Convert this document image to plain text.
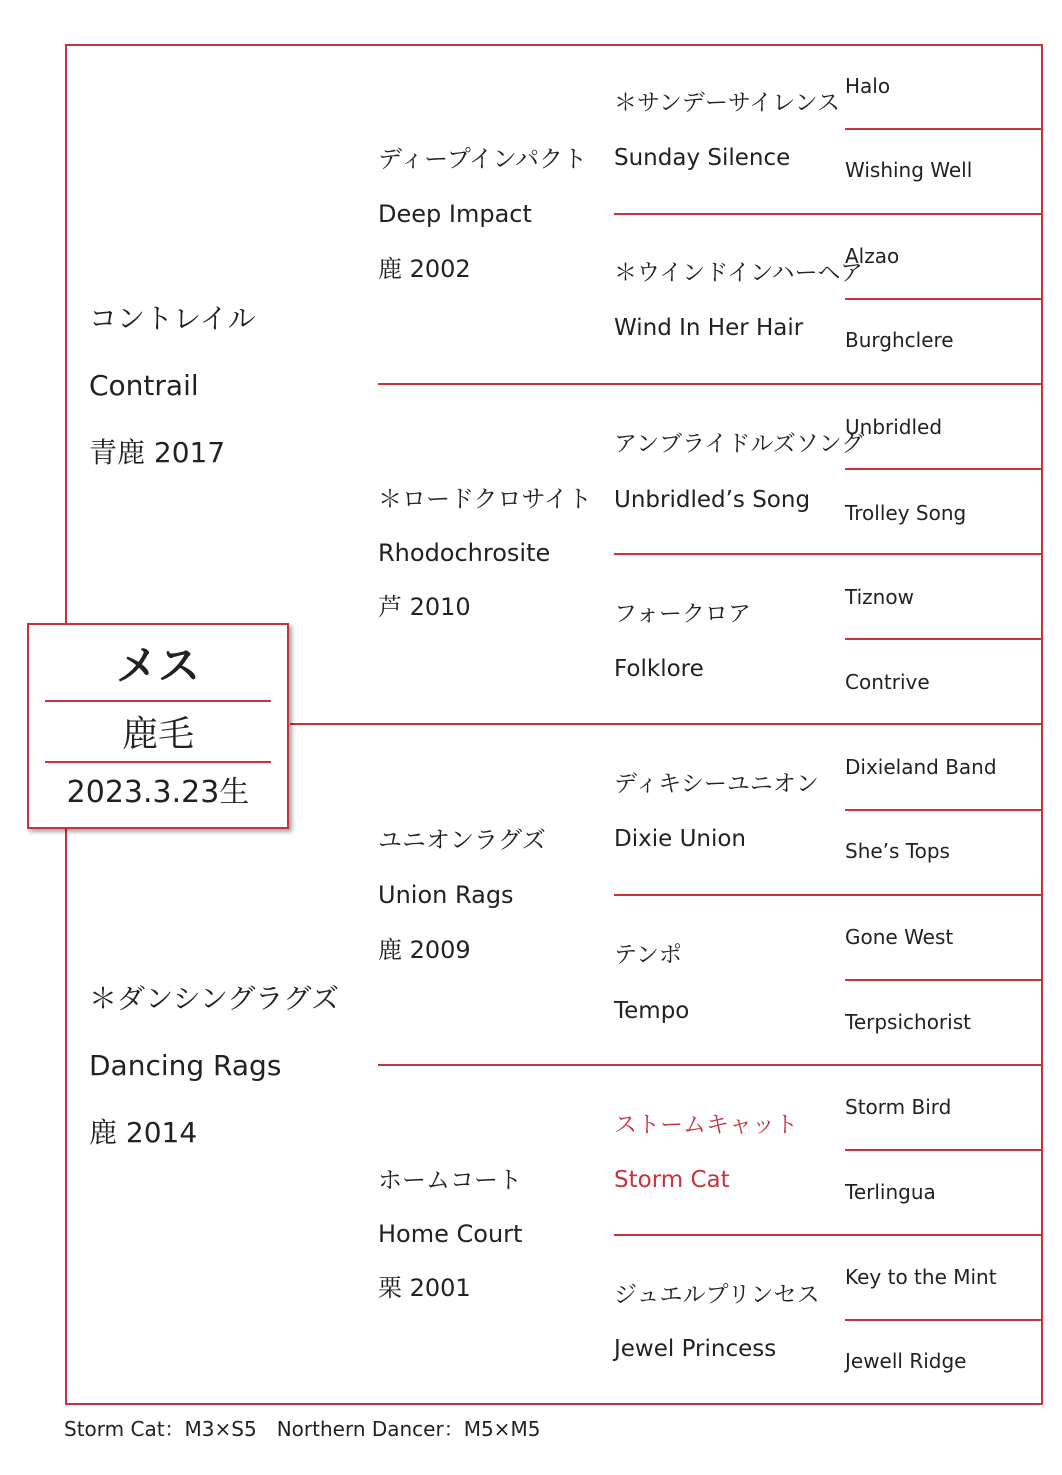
メス
鹿毛
2023.3.23生
コントレイル
Contrail
青鹿 2017
＊ダンシングラグズ
Dancing Rags
鹿 2014
ディープインパクト
Deep Impact
鹿 2002
＊ロードクロサイト
Rhodochrosite
芦 2010
ユニオンラグズ
Union Rags
鹿 2009
ホームコート
Home Court
栗 2001
＊サンデーサイレンス
Sunday Silence
＊ウインドインハーヘア
Wind In Her Hair
アンブライドルズソング
Unbridled’s Song
フォークロア
Folklore
ディキシーユニオン
Dixie Union
テンポ
Tempo
ストームキャット
Storm Cat
ジュエルプリンセス
Jewel Princess
Halo
Wishing Well
Alzao
Burghclere
Unbridled
Trolley Song
Tiznow
Contrive
Dixieland Band
She’s Tops
Gone West
Terpsichorist
Storm Bird
Terlingua
Key to the Mint
Jewell Ridge
Storm Cat：M3×S5　Northern Dancer：M5×M5
